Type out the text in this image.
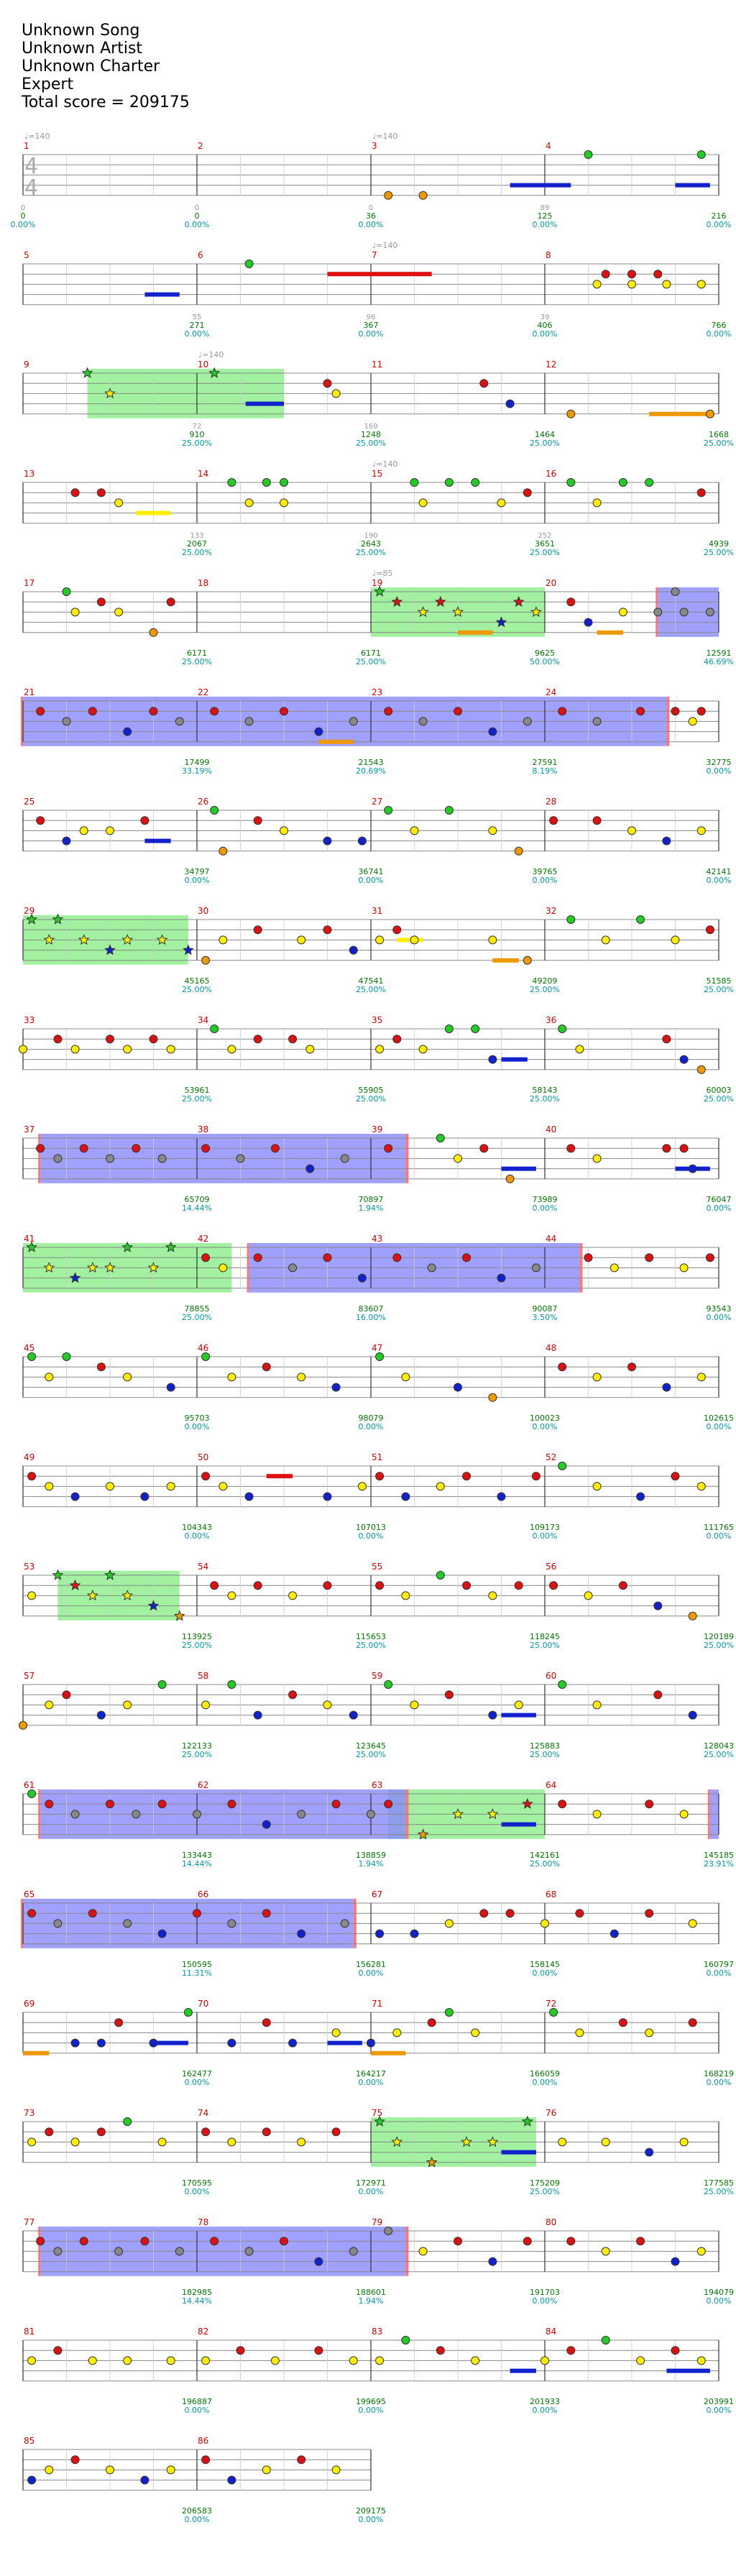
Unknown Song
Unknown Artist
Unknown Charter
Expert
Total score = 209175
♩=140	♩=140
♩=140
♩=140
♩=140
♩=85
1	2	3	4
4
4
0
0
0.00%
0
0
0.00%
0
36
0.00%
89
125
0.00%
216
0.00%
5	6	7	8
55
271
0.00%
96
367
0.00%
39
406
0.00%
766
0.00%
9	10	11	12
72
910
25.00%
169
1248
25.00%
1464
25.00%
1668
25.00%
13	14	15	16
133
2067
25.00%
190
2643
25.00%
252
3651
25.00%
4939
25.00%
17	18	19	20
6171
25.00%
6171
25.00%
9625
50.00%
12591
46.69%
21	22	23	24
17499
33.19%
21543
20.69%
27591
8.19%
32775
0.00%
25	26	27	28
34797
0.00%
36741
0.00%
39765
0.00%
42141
0.00%
29	30	31	32
45165
25.00%
47541
25.00%
49209
25.00%
51585
25.00%
33	34	35	36
53961
25.00%
55905
25.00%
58143
25.00%
60003
25.00%
37	38	39	40
65709
14.44%
70897
1.94%
73989
0.00%
76047
0.00%
41	42	43	44
78855
25.00%
83607
16.00%
90087
3.50%
93543
0.00%
45	46	47	48
95703
0.00%
98079
0.00%
100023
0.00%
102615
0.00%
49	50	51	52
104343
0.00%
107013
0.00%
109173
0.00%
111765
0.00%
53	54	55	56
113925
25.00%
115653
25.00%
118245
25.00%
120189
25.00%
57	58	59	60
122133
25.00%
123645
25.00%
125883
25.00%
128043
25.00%
61	62	63	64
133443
14.44%
138859
1.94%
142161
25.00%
145185
23.91%
65	66	67	68
150595
11.31%
156281
0.00%
158145
0.00%
160797
0.00%
69	70	71	72
162477
0.00%
164217
0.00%
166059
0.00%
168219
0.00%
73	74	75	76
170595
0.00%
172971
0.00%
175209
25.00%
177585
25.00%
77	78	79	80
182985
14.44%
188601
1.94%
191703
0.00%
194079
0.00%
81	82	83	84
196887
0.00%
199695
0.00%
201933
0.00%
203991
0.00%
85	86
206583
0.00%
209175
0.00%
